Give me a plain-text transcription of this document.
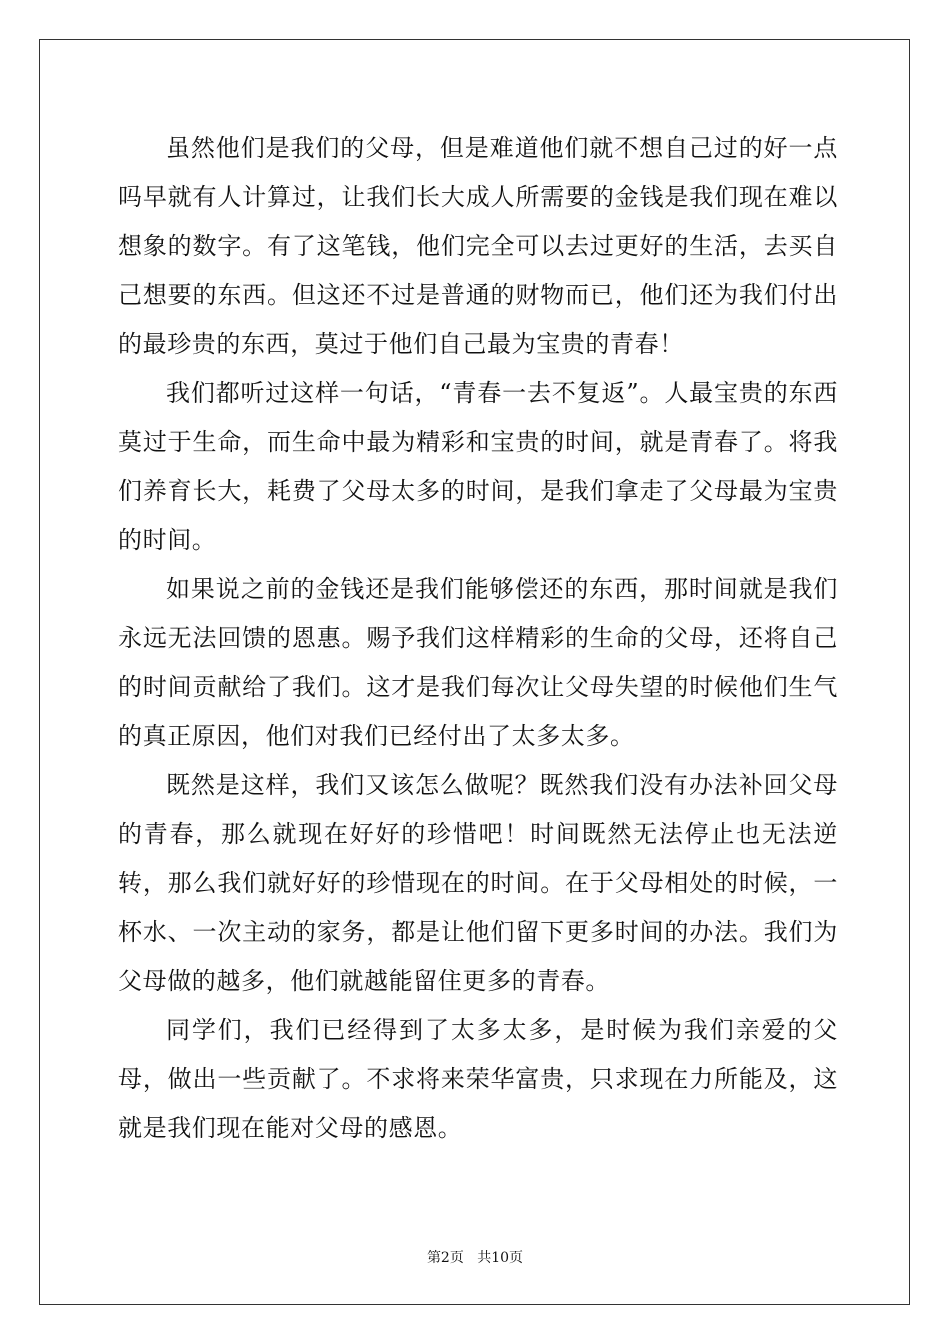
虽然他们是我们的父母，但是难道他们就不想自己过的好一点吗早就有人计算过，让我们长大成人所需要的金钱是我们现在难以想象的数字。有了这笔钱，他们完全可以去过更好的生活，去买自己想要的东西。但这还不过是普通的财物而已，他们还为我们付出的最珍贵的东西，莫过于他们自己最为宝贵的青春！

我们都听过这样一句话，“青春一去不复返”。人最宝贵的东西莫过于生命，而生命中最为精彩和宝贵的时间，就是青春了。将我们养育长大，耗费了父母太多的时间，是我们拿走了父母最为宝贵的时间。

如果说之前的金钱还是我们能够偿还的东西，那时间就是我们永远无法回馈的恩惠。赐予我们这样精彩的生命的父母，还将自己的时间贡献给了我们。这才是我们每次让父母失望的时候他们生气的真正原因，他们对我们已经付出了太多太多。

既然是这样，我们又该怎么做呢？既然我们没有办法补回父母的青春，那么就现在好好的珍惜吧！时间既然无法停止也无法逆转，那么我们就好好的珍惜现在的时间。在于父母相处的时候，一杯水、一次主动的家务，都是让他们留下更多时间的办法。我们为父母做的越多，他们就越能留住更多的青春。

同学们，我们已经得到了太多太多，是时候为我们亲爱的父母，做出一些贡献了。不求将来荣华富贵，只求现在力所能及，这就是我们现在能对父母的感恩。

第2页 共10页
